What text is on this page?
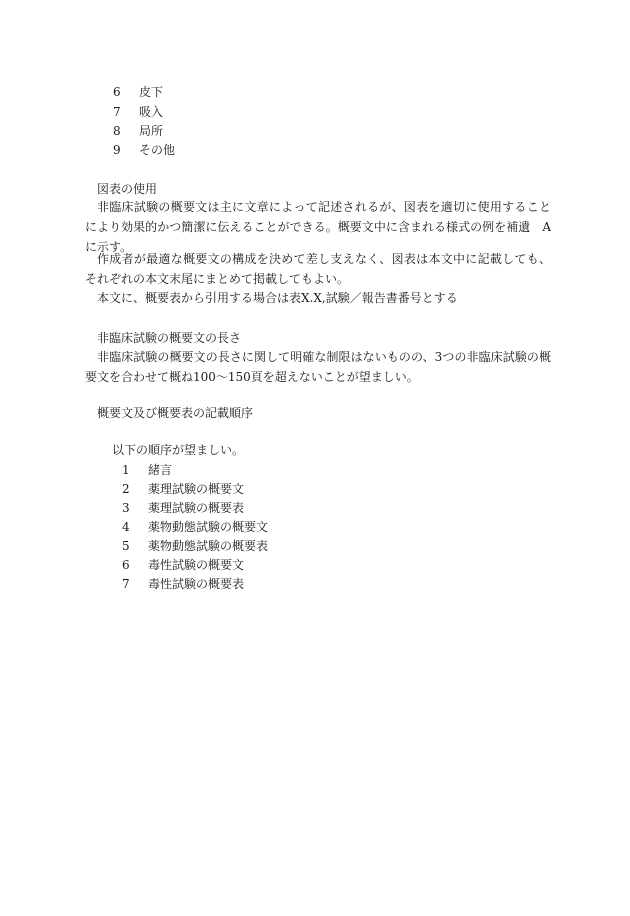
6 皮下
7 吸入
8 局所
9 その他
図表の使用
非臨床試験の概要文は主に文章によって記述されるが、図表を適切に使用することにより効果的かつ簡潔に伝えることができる。概要文中に含まれる様式の例を補遺　Aに示す。
作成者が最適な概要文の構成を決めて差し支えなく、図表は本文中に記載しても、それぞれの本文末尾にまとめて掲載してもよい。
本文に、概要表から引用する場合は表X.X,試験／報告書番号とする
非臨床試験の概要文の長さ
非臨床試験の概要文の長さに関して明確な制限はないものの、3つの非臨床試験の概要文を合わせて概ね100～150頁を超えないことが望ましい。
概要文及び概要表の記載順序
以下の順序が望ましい。
1 緒言
2 薬理試験の概要文
3 薬理試験の概要表
4 薬物動態試験の概要文
5 薬物動態試験の概要表
6 毒性試験の概要文
7 毒性試験の概要表
